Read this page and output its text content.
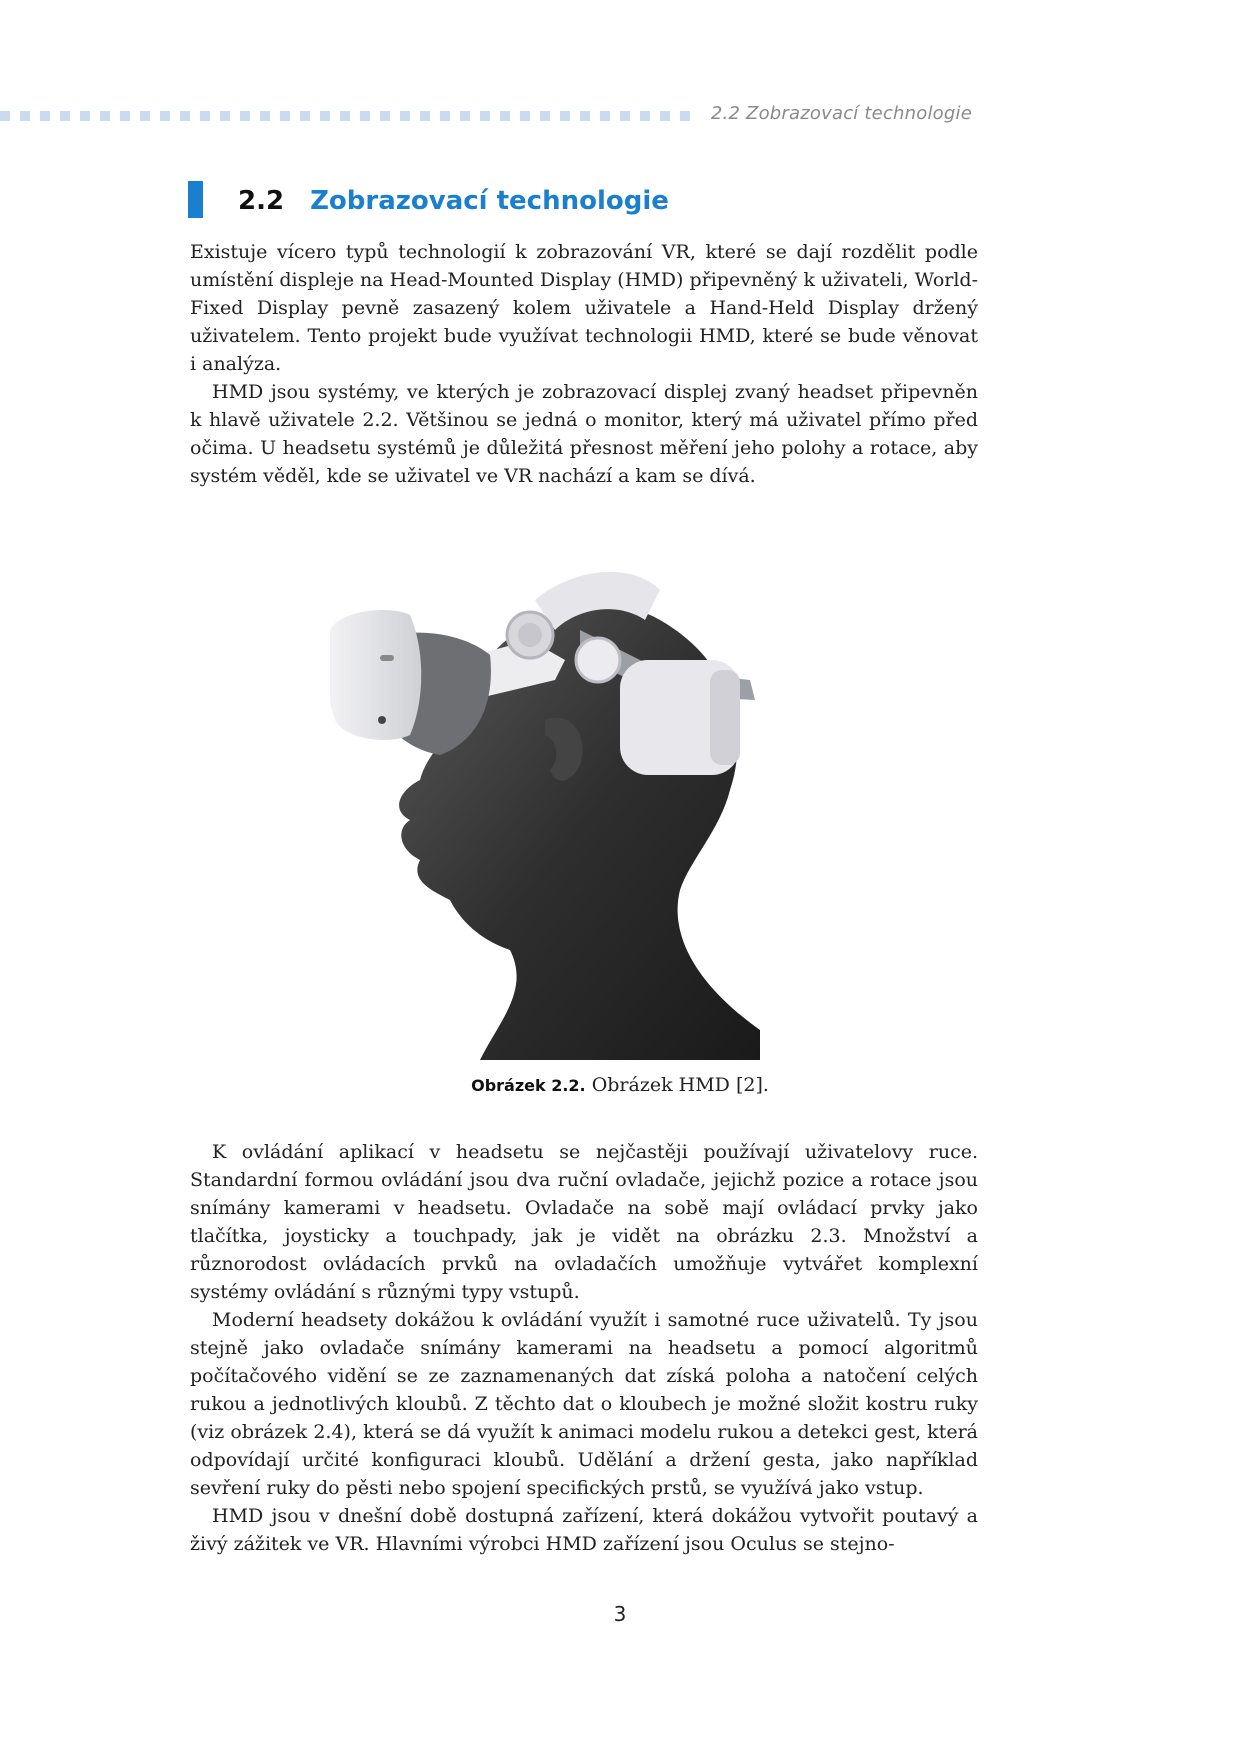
2.2 Zobrazovací technologie
2.2 Zobrazovací technologie

Existuje vícero typů technologií k zobrazování VR, které se dají rozdělit podle umístění displeje na Head-Mounted Display (HMD) připevněný k uživateli, World-Fixed Display pevně zasazený kolem uživatele a Hand-Held Display držený uživatelem. Tento projekt bude využívat technologii HMD, které se bude věnovat i analýza.

HMD jsou systémy, ve kterých je zobrazovací displej zvaný headset připevněn k hlavě uživatele 2.2. Většinou se jedná o monitor, který má uživatel přímo před očima. U headsetu systémů je důležitá přesnost měření jeho polohy a rotace, aby systém věděl, kde se uživatel ve VR nachází a kam se dívá.

Obrázek 2.2. Obrázek HMD [2].

K ovládání aplikací v headsetu se nejčastěji používají uživatelovy ruce. Standardní formou ovládání jsou dva ruční ovladače, jejichž pozice a rotace jsou snímány kamerami v headsetu. Ovladače na sobě mají ovládací prvky jako tlačítka, joysticky a touchpady, jak je vidět na obrázku 2.3. Množství a různorodost ovládacích prvků na ovladačích umožňuje vytvářet komplexní systémy ovládání s různými typy vstupů.

Moderní headsety dokážou k ovládání využít i samotné ruce uživatelů. Ty jsou stejně jako ovladače snímány kamerami na headsetu a pomocí algoritmů počítačového vidění se ze zaznamenaných dat získá poloha a natočení celých rukou a jednotlivých kloubů. Z těchto dat o kloubech je možné složit kostru ruky (viz obrázek 2.4), která se dá využít k animaci modelu rukou a detekci gest, která odpovídají určité konfiguraci kloubů. Udělání a držení gesta, jako například sevření ruky do pěsti nebo spojení specifických prstů, se využívá jako vstup.

HMD jsou v dnešní době dostupná zařízení, která dokážou vytvořit poutavý a živý zážitek ve VR. Hlavními výrobci HMD zařízení jsou Oculus se stejno-

3
